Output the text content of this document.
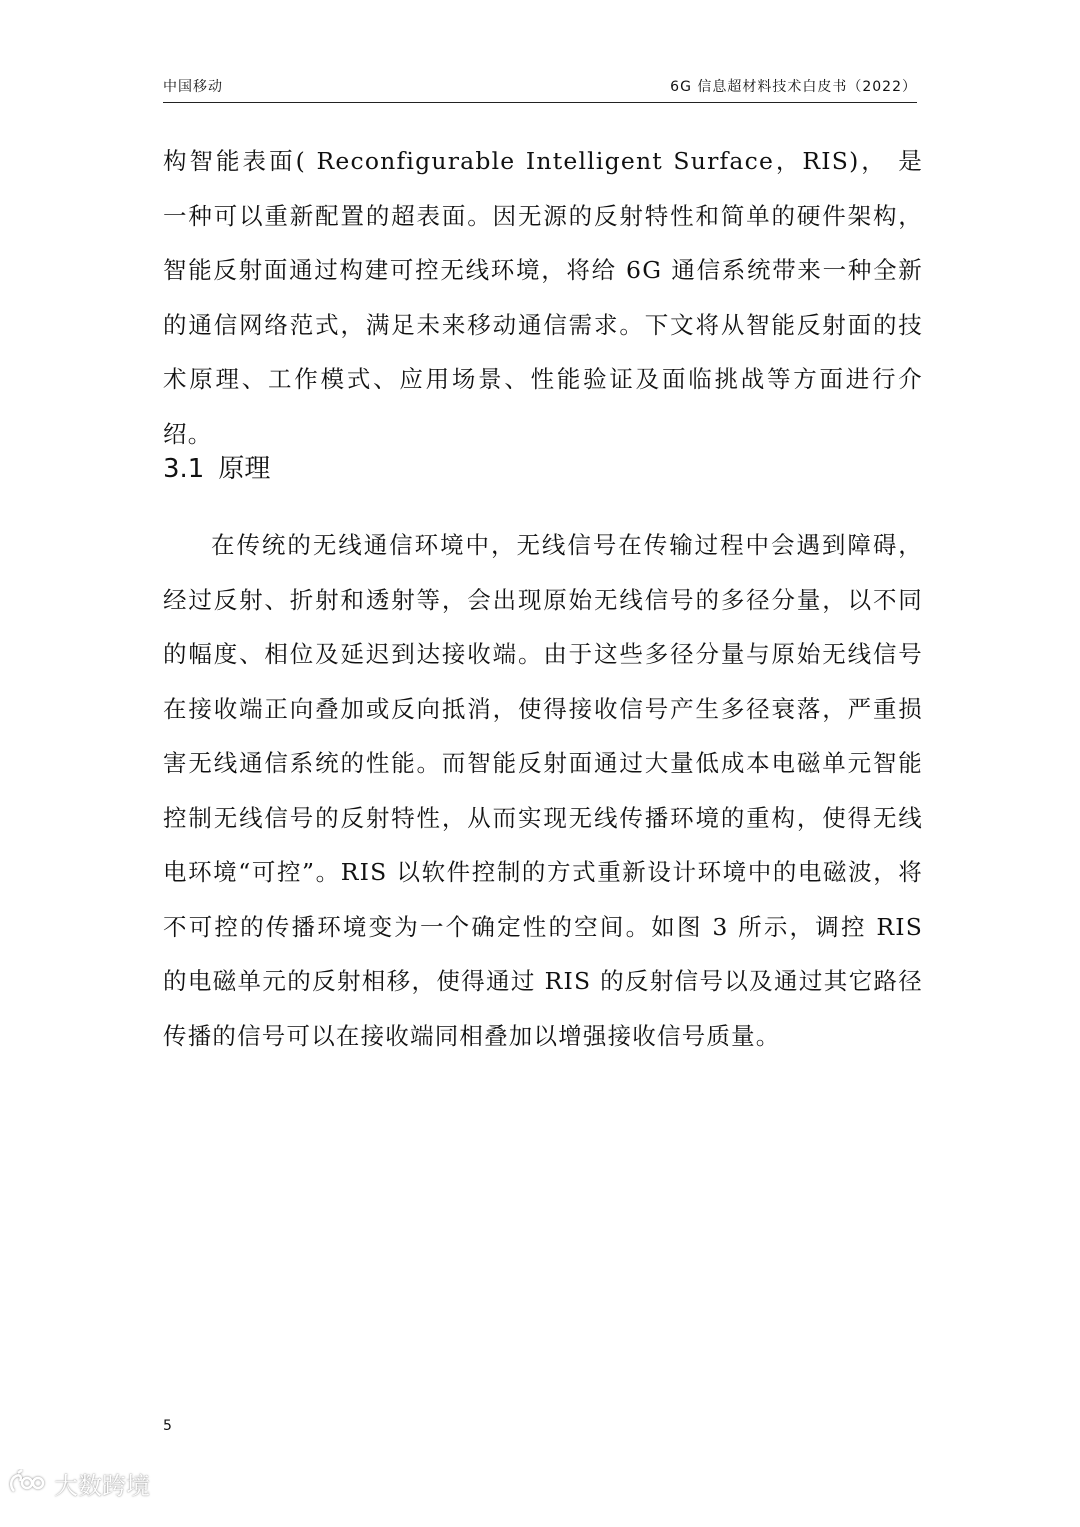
中国移动	6G 信息超材料技术白皮书（2022）

构智能表面( Reconfigurable Intelligent Surface，RIS)， 是一种可以重新配置的超表面。因无源的反射特性和简单的硬件架构，智能反射面通过构建可控无线环境，将给 6G 通信系统带来一种全新的通信网络范式，满足未来移动通信需求。下文将从智能反射面的技术原理、工作模式、应用场景、性能验证及面临挑战等方面进行介绍。

3.1 原理

在传统的无线通信环境中，无线信号在传输过程中会遇到障碍，经过反射、折射和透射等，会出现原始无线信号的多径分量，以不同的幅度、相位及延迟到达接收端。由于这些多径分量与原始无线信号在接收端正向叠加或反向抵消，使得接收信号产生多径衰落，严重损害无线通信系统的性能。而智能反射面通过大量低成本电磁单元智能控制无线信号的反射特性，从而实现无线传播环境的重构，使得无线电环境“可控”。RIS 以软件控制的方式重新设计环境中的电磁波，将不可控的传播环境变为一个确定性的空间。如图 3 所示，调控 RIS 的电磁单元的反射相移，使得通过 RIS 的反射信号以及通过其它路径传播的信号可以在接收端同相叠加以增强接收信号质量。

5
大数跨境
